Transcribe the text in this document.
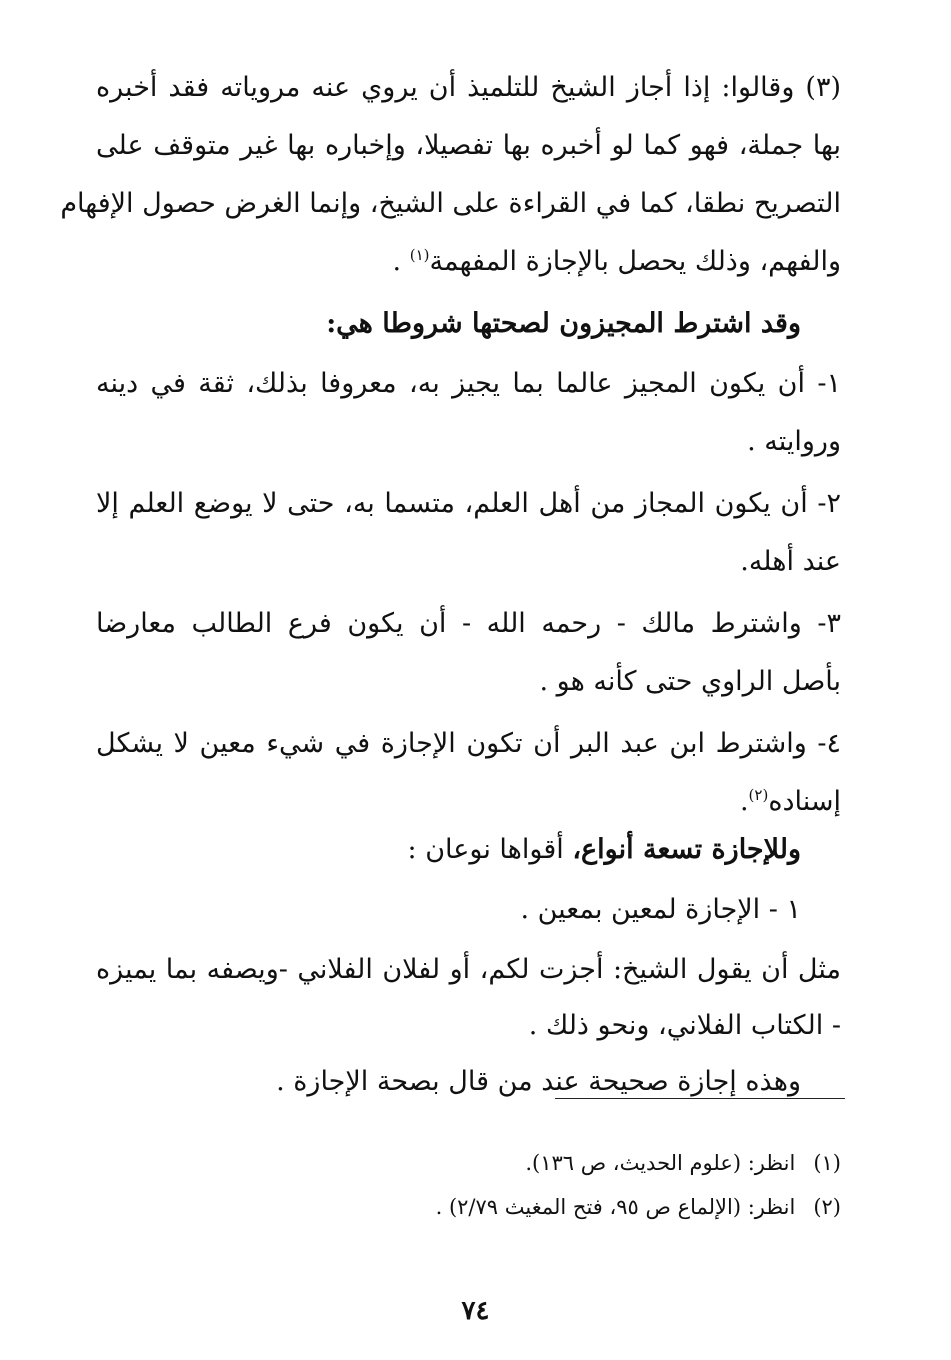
(٣) وقالوا: إذا أجاز الشيخ للتلميذ أن يروي عنه مروياته فقد أخبره
بها جملة، فهو كما لو أخبره بها تفصيلا، وإخباره بها غير متوقف على
التصريح نطقا، كما في القراءة على الشيخ، وإنما الغرض حصول الإفهام
والفهم، وذلك يحصل بالإجازة المفهمة$^{(١)}$ .
وقد اشترط المجيزون لصحتها شروطا هي:
١- أن يكون المجيز عالما بما يجيز به، معروفا بذلك، ثقة في دينه
وروايته .
٢- أن يكون المجاز من أهل العلم، متسما به، حتى لا يوضع العلم إلا
عند أهله.
٣- واشترط مالك - رحمه الله - أن يكون فرع الطالب معارضا
بأصل الراوي حتى كأنه هو .
٤- واشترط ابن عبد البر أن تكون الإجازة في شيء معين لا يشكل
إسناده$^{(٢)}$.
وللإجازة تسعة أنواع، أقواها نوعان :
١ - الإجازة لمعين بمعين .
مثل أن يقول الشيخ: أجزت لكم، أو لفلان الفلاني -ويصفه بما يميزه
- الكتاب الفلاني، ونحو ذلك .
وهذه إجازة صحيحة عند من قال بصحة الإجازة .
(١)انظر: (علوم الحديث، ص ١٣٦).
(٢)انظر: (الإلماع ص ٩٥، فتح المغيث ٢/٧٩) .
٧٤
